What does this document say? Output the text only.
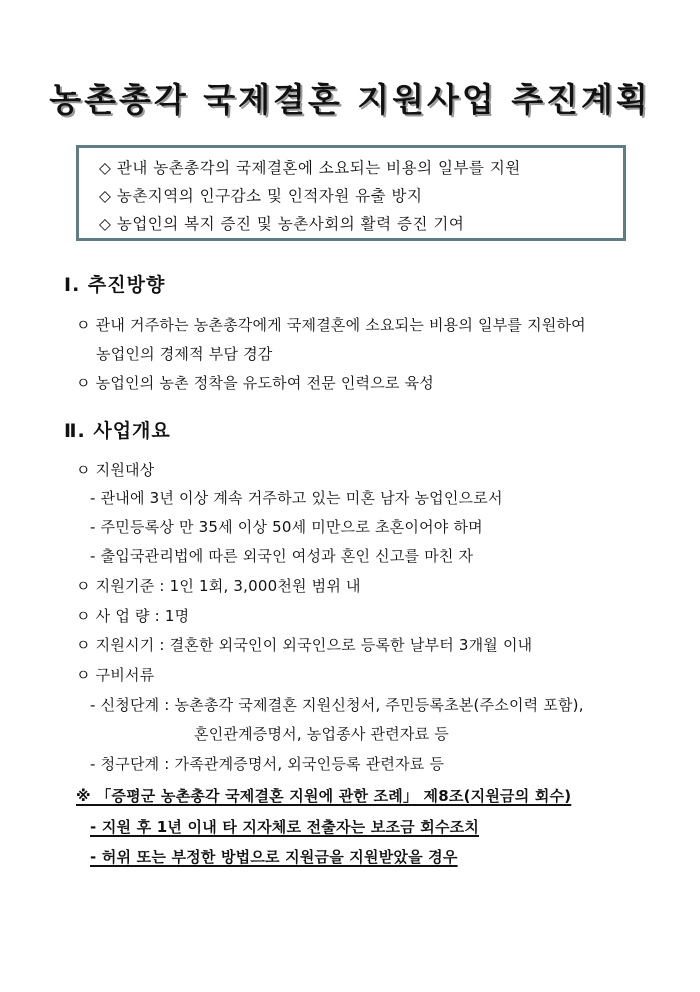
농촌총각 국제결혼 지원사업 추진계획
◇ 관내 농촌총각의 국제결혼에 소요되는 비용의 일부를 지원
◇ 농촌지역의 인구감소 및 인적자원 유출 방지
◇ 농업인의 복지 증진 및 농촌사회의 활력 증진 기여
Ⅰ. 추진방향
ㅇ 관내 거주하는 농촌총각에게 국제결혼에 소요되는 비용의 일부를 지원하여
농업인의 경제적 부담 경감
ㅇ 농업인의 농촌 정착을 유도하여 전문 인력으로 육성
Ⅱ. 사업개요
ㅇ 지원대상
- 관내에 3년 이상 계속 거주하고 있는 미혼 남자 농업인으로서
- 주민등록상 만 35세 이상 50세 미만으로 초혼이어야 하며
- 출입국관리법에 따른 외국인 여성과 혼인 신고를 마친 자
ㅇ 지원기준 : 1인 1회, 3,000천원 범위 내
ㅇ 사 업 량 : 1명
ㅇ 지원시기 : 결혼한 외국인이 외국인으로 등록한 날부터 3개월 이내
ㅇ 구비서류
- 신청단계 : 농촌총각 국제결혼 지원신청서, 주민등록초본(주소이력 포함),
혼인관계증명서, 농업종사 관련자료 등
- 청구단계 : 가족관계증명서, 외국인등록 관련자료 등
※ 「증평군 농촌총각 국제결혼 지원에 관한 조례」 제8조(지원금의 회수)
- 지원 후 1년 이내 타 지자체로 전출자는 보조금 회수조치
- 허위 또는 부정한 방법으로 지원금을 지원받았을 경우
